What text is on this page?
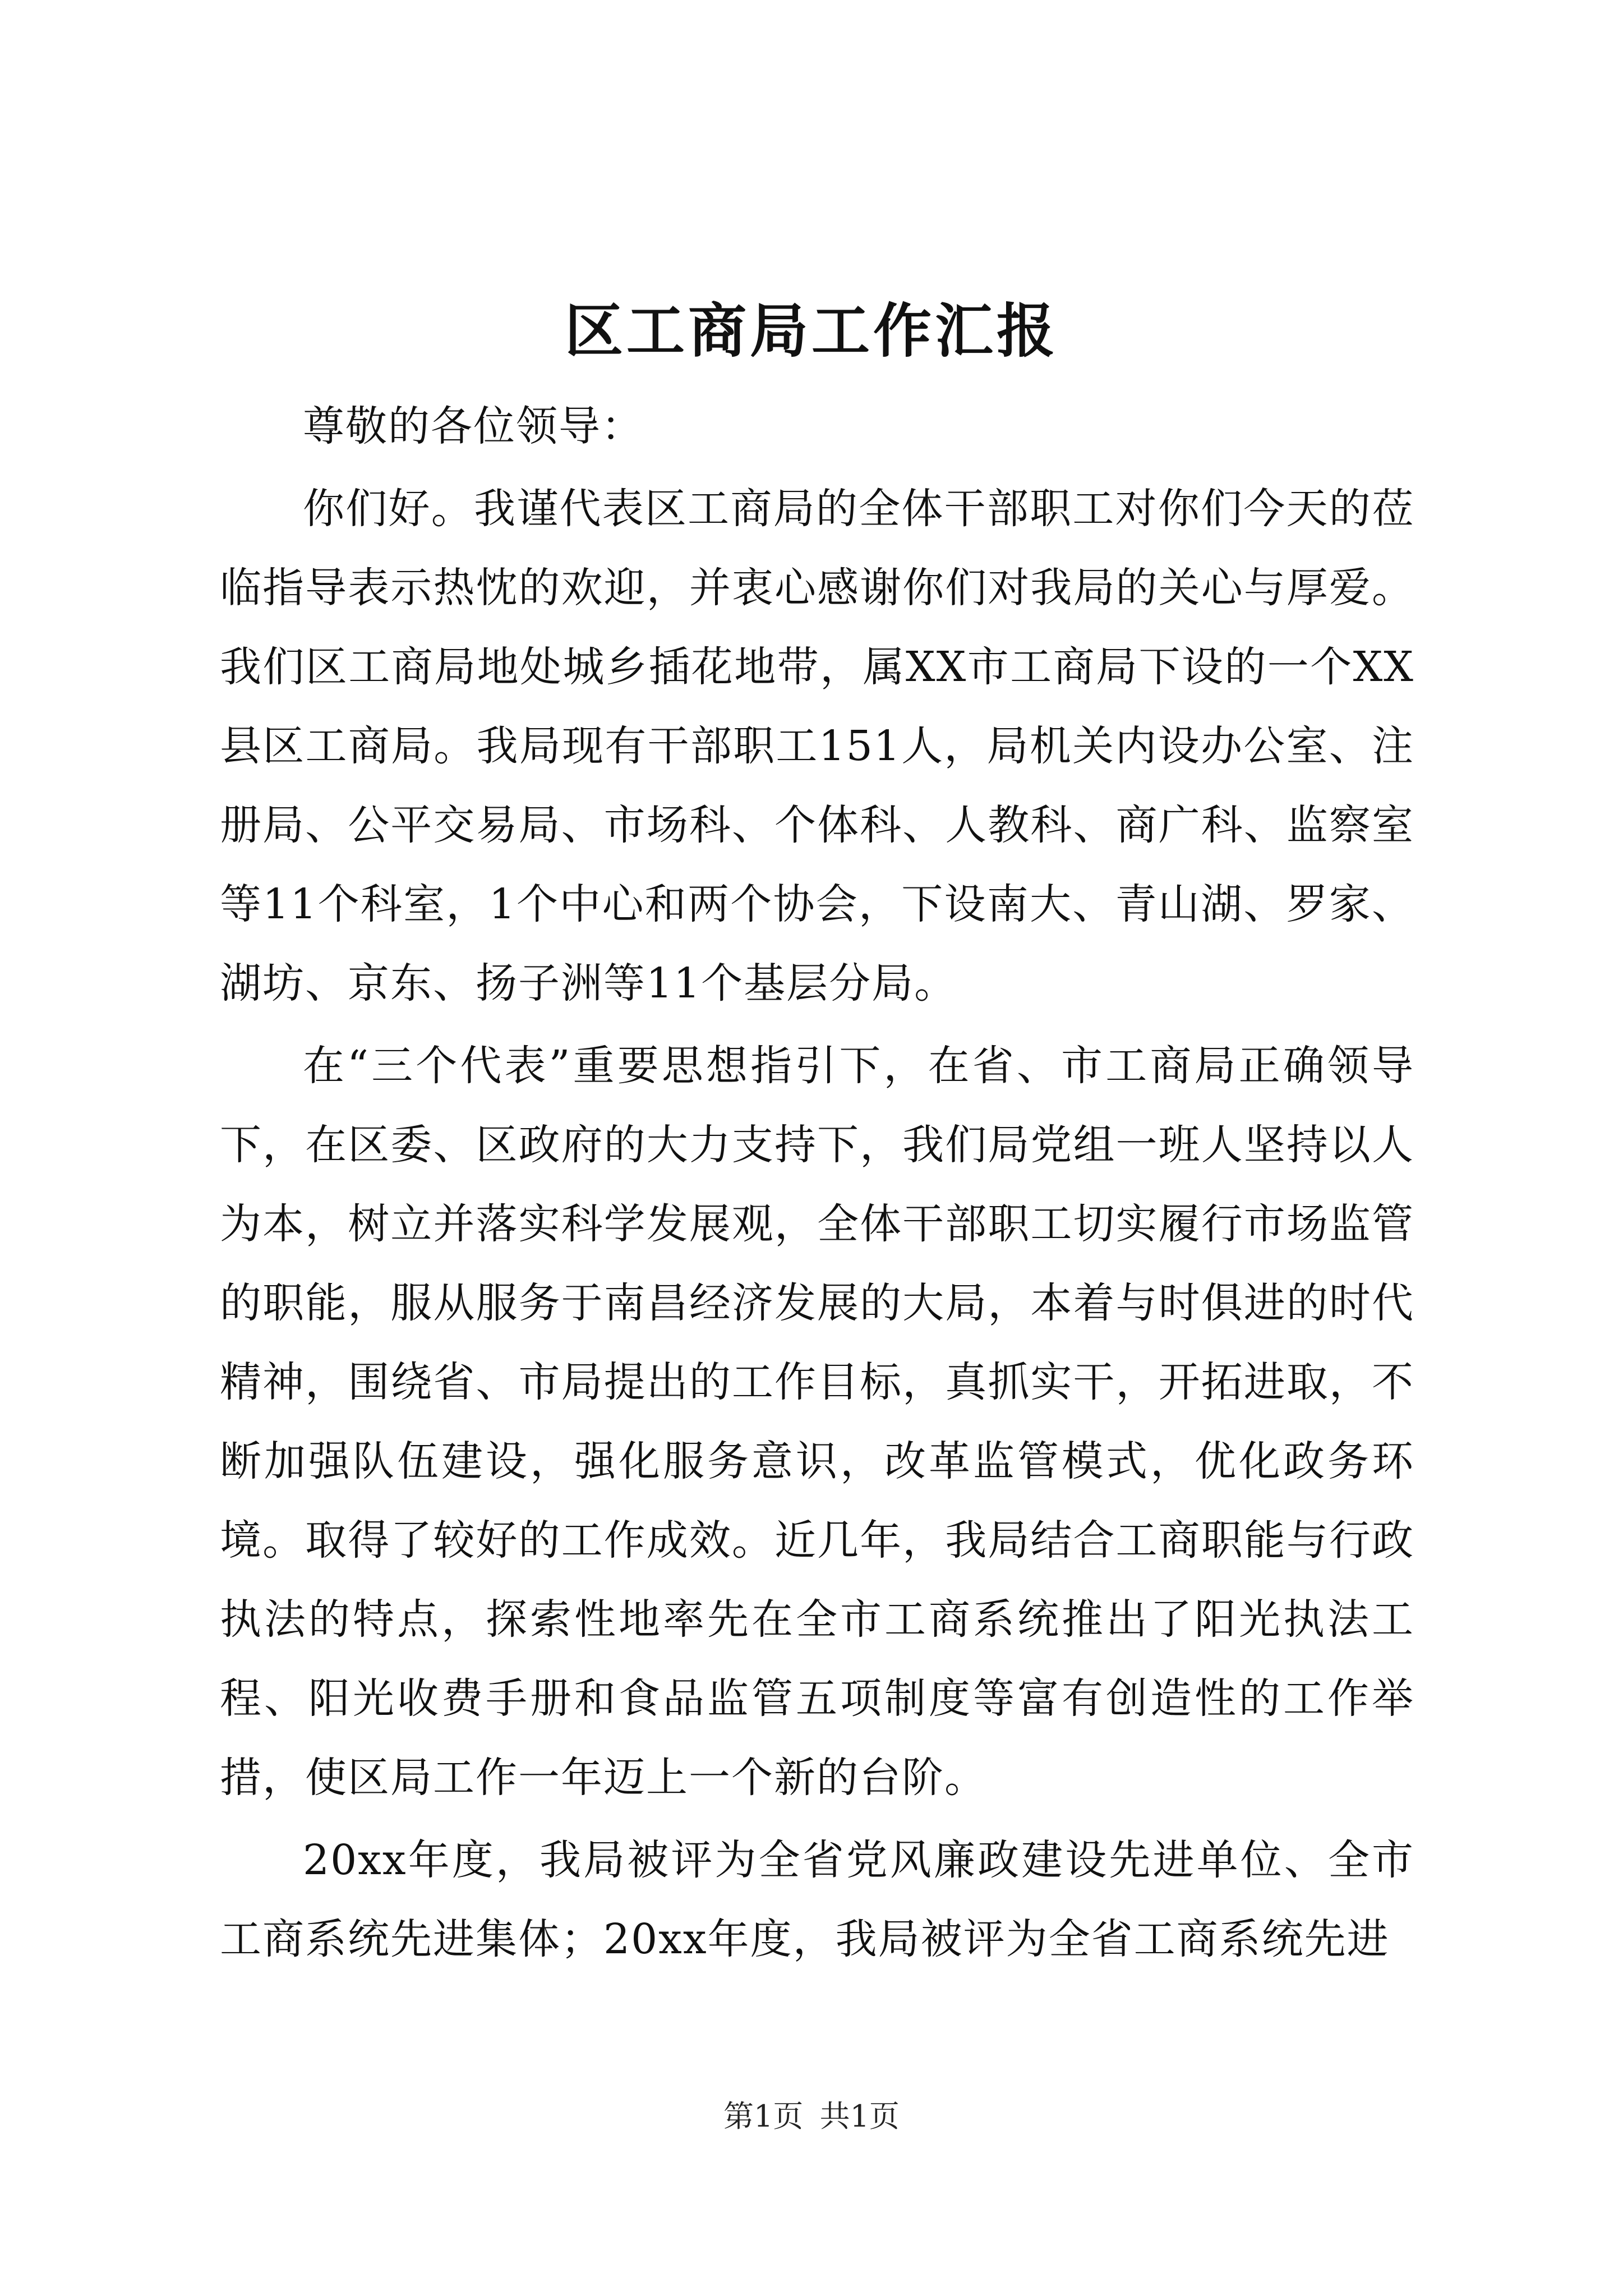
区工商局工作汇报

尊敬的各位领导：

你们好。我谨代表区工商局的全体干部职工对你们今天的莅临指导表示热忱的欢迎，并衷心感谢你们对我局的关心与厚爱。我们区工商局地处城乡插花地带，属XX市工商局下设的一个XX县区工商局。我局现有干部职工151人，局机关内设办公室、注册局、公平交易局、市场科、个体科、人教科、商广科、监察室等11个科室，1个中心和两个协会，下设南大、青山湖、罗家、湖坊、京东、扬子洲等11个基层分局。

在“三个代表”重要思想指引下，在省、市工商局正确领导下，在区委、区政府的大力支持下，我们局党组一班人坚持以人为本，树立并落实科学发展观，全体干部职工切实履行市场监管的职能，服从服务于南昌经济发展的大局，本着与时俱进的时代精神，围绕省、市局提出的工作目标，真抓实干，开拓进取，不断加强队伍建设，强化服务意识，改革监管模式，优化政务环境。取得了较好的工作成效。近几年，我局结合工商职能与行政执法的特点，探索性地率先在全市工商系统推出了阳光执法工程、阳光收费手册和食品监管五项制度等富有创造性的工作举措，使区局工作一年迈上一个新的台阶。

20xx年度，我局被评为全省党风廉政建设先进单位、全市工商系统先进集体；20xx年度，我局被评为全省工商系统先进

第1页 共1页
